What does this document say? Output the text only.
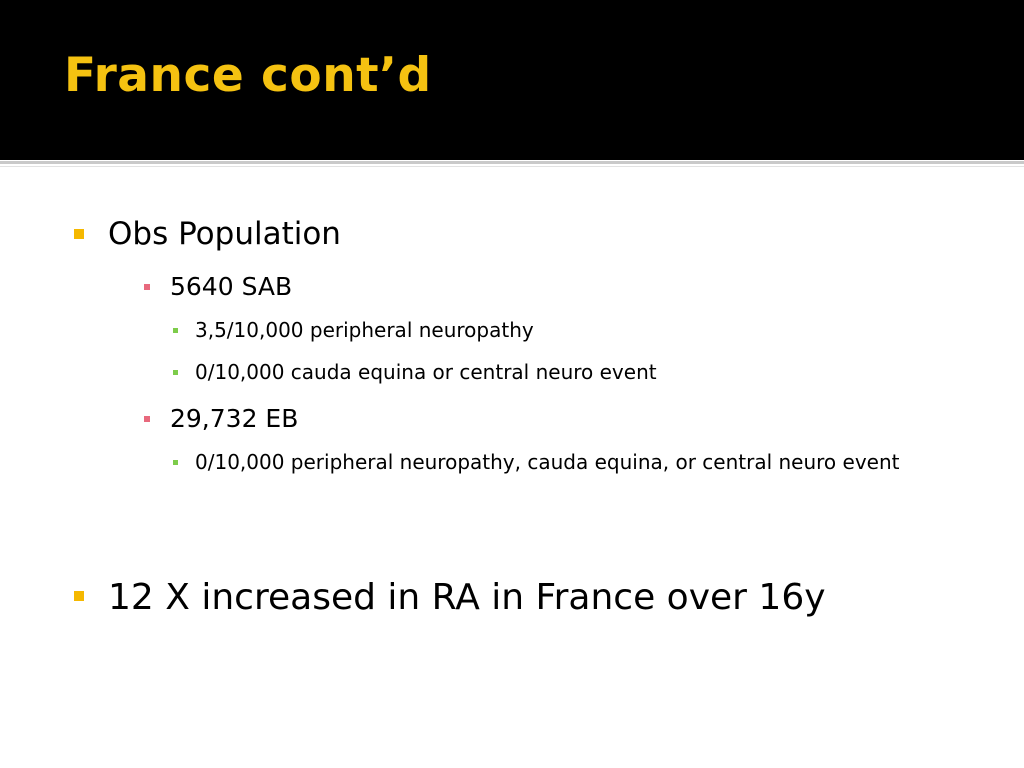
France cont’d
Obs Population
5640 SAB
3,5/10,000 peripheral neuropathy
0/10,000 cauda equina or central neuro event
29,732 EB
0/10,000 peripheral neuropathy, cauda equina, or central neuro event
12 X increased in RA in France over 16y
